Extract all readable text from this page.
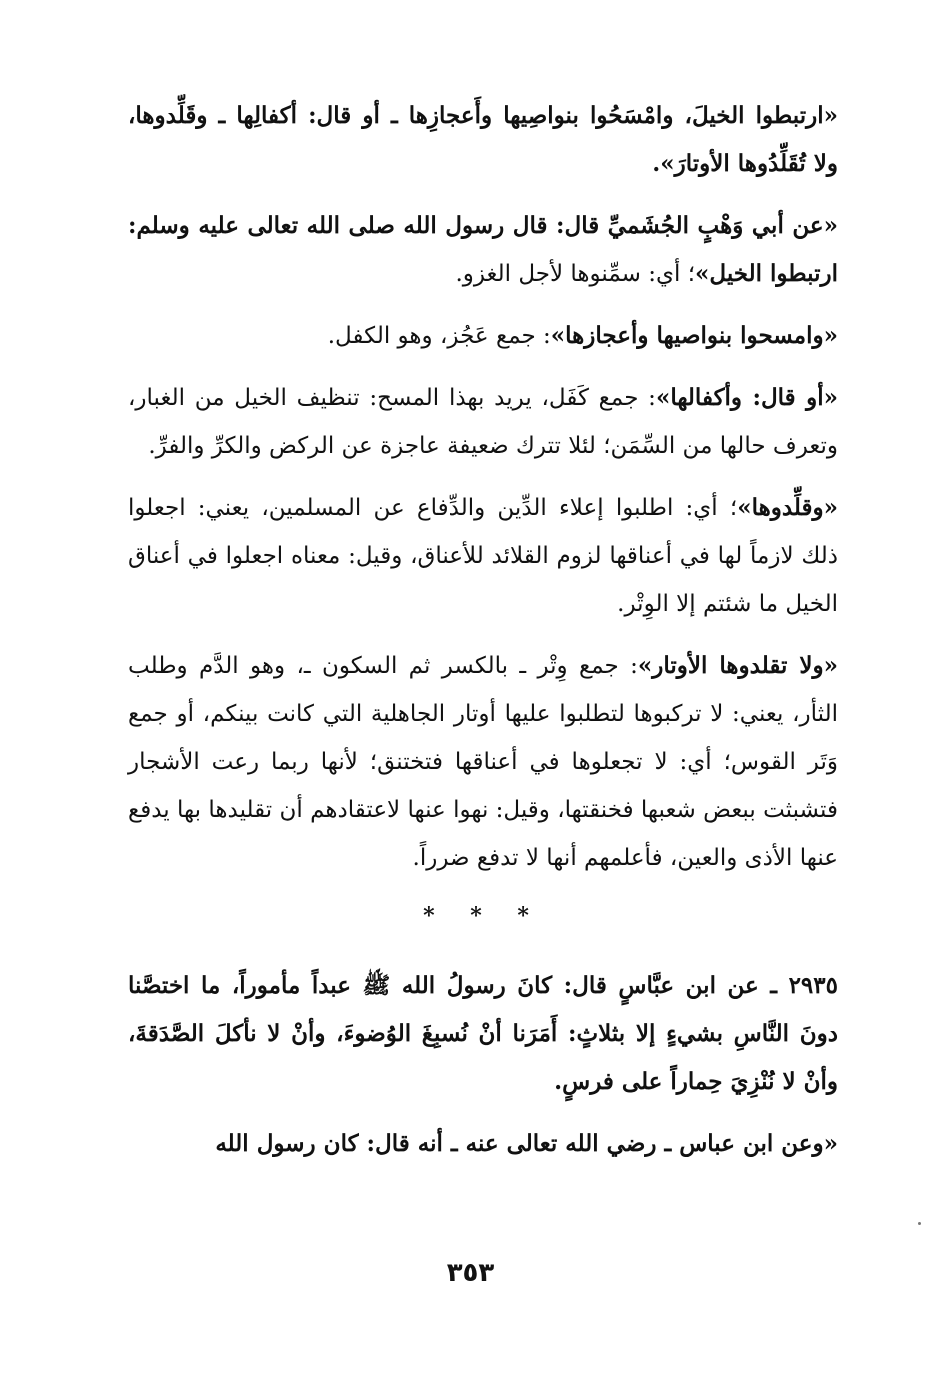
«ارتبطوا الخيلَ، وامْسَحُوا بنواصِيها وأَعجازِها ـ أو قال: أكفالِها ـ وقَلِّدوها، ولا تُقَلِّدُوها الأوتارَ».

«عن أبي وَهْبٍ الجُشَميِّ قال: قال رسول الله صلى الله تعالى عليه وسلم: ارتبطوا الخيل»؛ أي: سمِّنوها لأجل الغزو.

«وامسحوا بنواصيها وأعجازها»: جمع عَجُز، وهو الكفل.

«أو قال: وأكفالها»: جمع كَفَل، يريد بهذا المسح: تنظيف الخيل من الغبار، وتعرف حالها من السِّمَن؛ لئلا تترك ضعيفة عاجزة عن الركض والكرِّ والفرِّ.

«وقلِّدوها»؛ أي: اطلبوا إعلاء الدِّين والدِّفاع عن المسلمين، يعني: اجعلوا ذلك لازماً لها في أعناقها لزوم القلائد للأعناق، وقيل: معناه اجعلوا في أعناق الخيل ما شئتم إلا الوِتْر.

«ولا تقلدوها الأوتار»: جمع وِتْر ـ بالكسر ثم السكون ـ، وهو الدَّم وطلب الثأر، يعني: لا تركبوها لتطلبوا عليها أوتار الجاهلية التي كانت بينكم، أو جمع وَتَر القوس؛ أي: لا تجعلوها في أعناقها فتختنق؛ لأنها ربما رعت الأشجار فتشبثت ببعض شعبها فخنقتها، وقيل: نهوا عنها لاعتقادهم أن تقليدها بها يدفع عنها الأذى والعين، فأعلمهم أنها لا تدفع ضرراً.

* * *

٢٩٣٥ ـ عن ابن عبَّاسٍ قال: كانَ رسولُ الله ﷺ عبداً مأموراً، ما اختصَّنا دونَ النَّاسِ بشيءٍ إلا بثلاثٍ: أَمَرَنا أنْ نُسبِغَ الوُضوءَ، وأنْ لا نأكلَ الصَّدَقةَ، وأنْ لا نُنْزِيَ حِماراً على فرسٍ.

«وعن ابن عباس ـ رضي الله تعالى عنه ـ أنه قال: كان رسول الله

٣٥٣
